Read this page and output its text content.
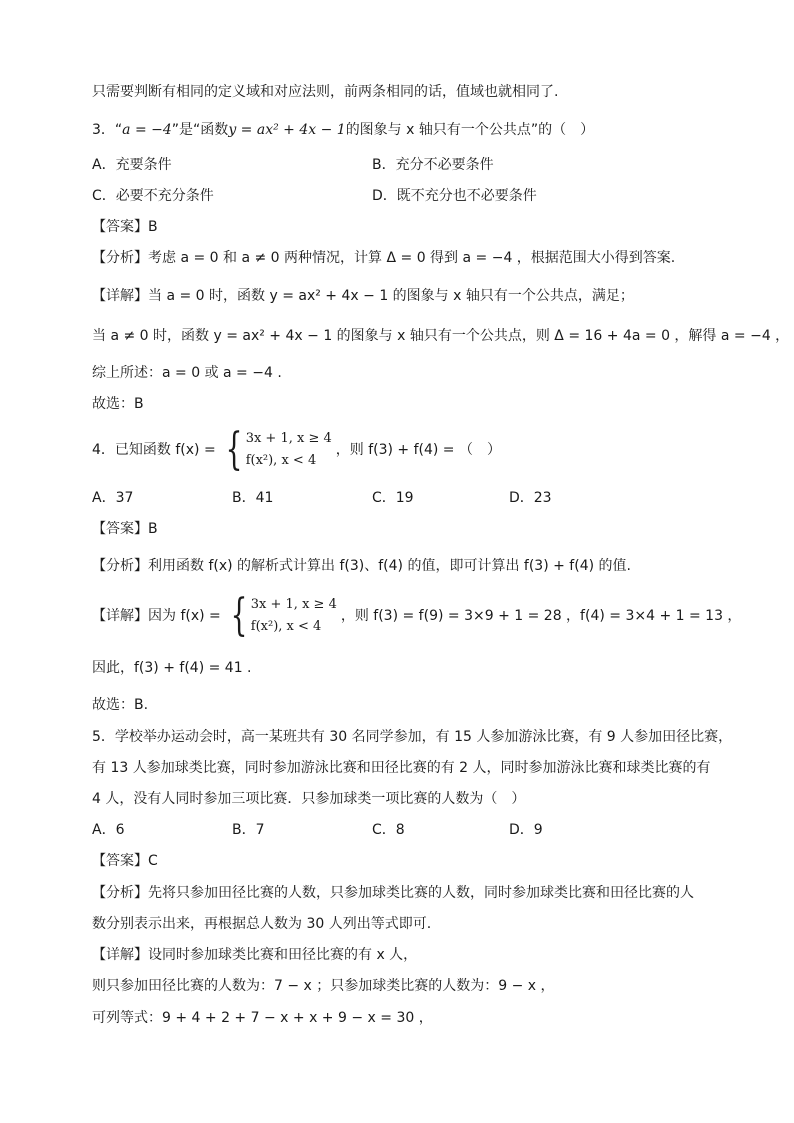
只需要判断有相同的定义域和对应法则，前两条相同的话，值域也就相同了.
3．“a = −4”是“函数y = ax² + 4x − 1的图象与 x 轴只有一个公共点”的（　）
A．充要条件	B．充分不必要条件
C．必要不充分条件	D．既不充分也不必要条件
【答案】B
【分析】考虑 a = 0 和 a ≠ 0 两种情况，计算 Δ = 0 得到 a = −4 ，根据范围大小得到答案.
【详解】当 a = 0 时，函数 y = ax² + 4x − 1 的图象与 x 轴只有一个公共点，满足；
当 a ≠ 0 时，函数 y = ax² + 4x − 1 的图象与 x 轴只有一个公共点，则 Δ = 16 + 4a = 0 ，解得 a = −4 ，
综上所述：a = 0 或 a = −4 .
故选：B
4．已知函数 f(x) = { 3x + 1, x ≥ 4
f(x²), x < 4
，则 f(3) + f(4) = （　）
A．37	B．41	C．19	D．23
【答案】B
【分析】利用函数 f(x) 的解析式计算出 f(3)、f(4) 的值，即可计算出 f(3) + f(4) 的值.
【详解】因为 f(x) = { 3x + 1, x ≥ 4
f(x²), x < 4
，则 f(3) = f(9) = 3×9 + 1 = 28 ，f(4) = 3×4 + 1 = 13 ，
因此，f(3) + f(4) = 41 .
故选：B.
5．学校举办运动会时，高一某班共有 30 名同学参加，有 15 人参加游泳比赛，有 9 人参加田径比赛，
有 13 人参加球类比赛，同时参加游泳比赛和田径比赛的有 2 人，同时参加游泳比赛和球类比赛的有
4 人，没有人同时参加三项比赛．只参加球类一项比赛的人数为（　）
A．6	B．7	C．8	D．9
【答案】C
【分析】先将只参加田径比赛的人数，只参加球类比赛的人数，同时参加球类比赛和田径比赛的人
数分别表示出来，再根据总人数为 30 人列出等式即可.
【详解】设同时参加球类比赛和田径比赛的有 x 人，
则只参加田径比赛的人数为：7 − x ；只参加球类比赛的人数为：9 − x ，
可列等式：9 + 4 + 2 + 7 − x + x + 9 − x = 30 ，
